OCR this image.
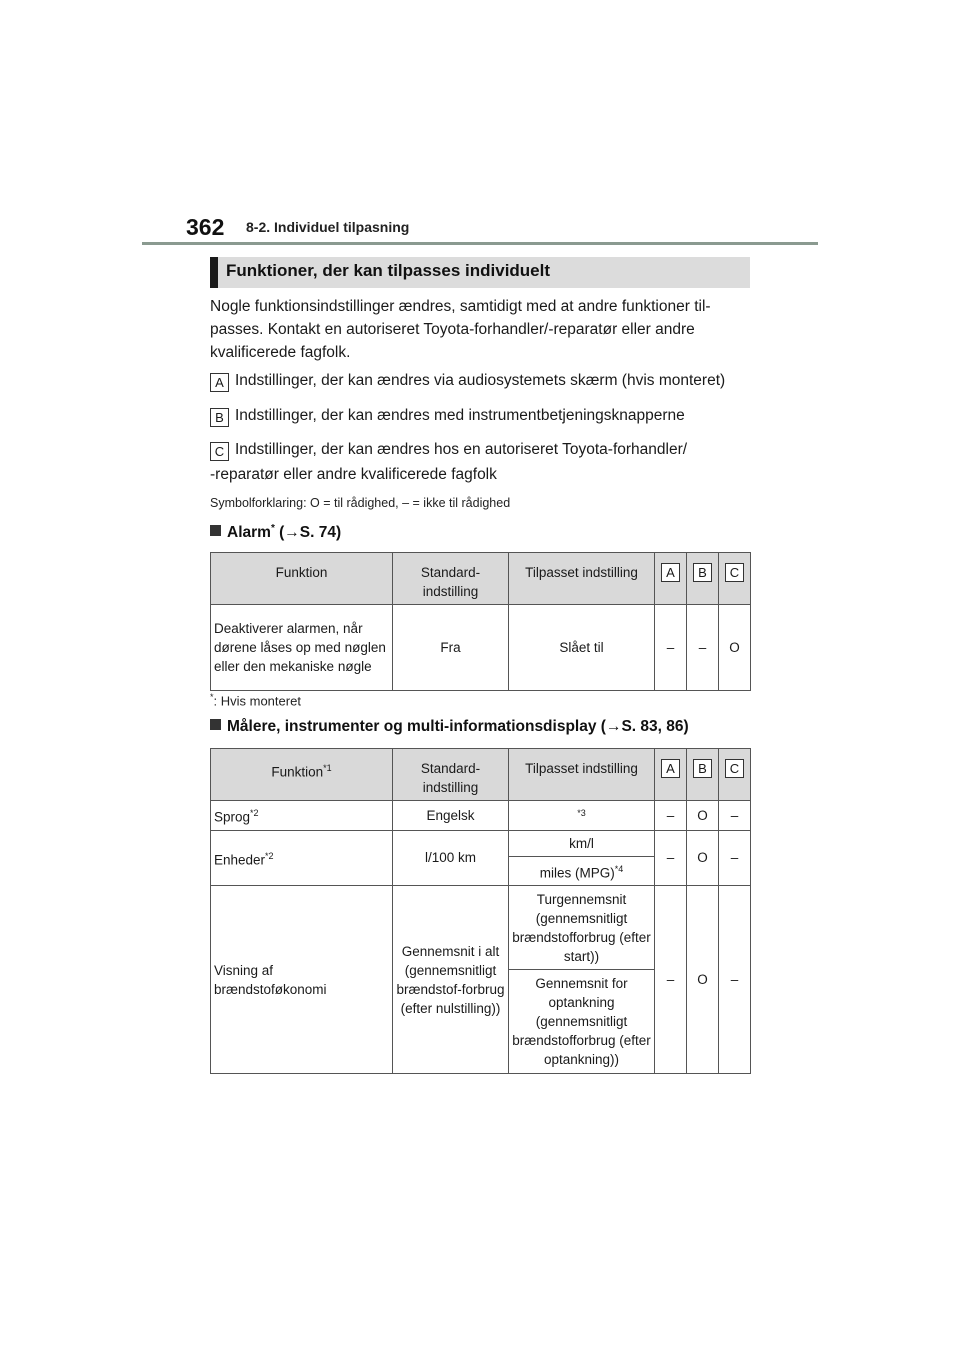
362 8-2. Individuel tilpasning
Funktioner, der kan tilpasses individuelt
Nogle funktionsindstillinger ændres, samtidigt med at andre funktioner til-passes. Kontakt en autoriseret Toyota-forhandler/-reparatør eller andre kvalificerede fagfolk.
A Indstillinger, der kan ændres via audiosystemets skærm (hvis monteret)
B Indstillinger, der kan ændres med instrumentbetjeningsknapperne
C Indstillinger, der kan ændres hos en autoriseret Toyota-forhandler/
-reparatør eller andre kvalificerede fagfolk
Symbolforklaring: O = til rådighed, – = ikke til rådighed
Alarm* (→S. 74)
Funktion	Standard-indstilling	Tilpasset indstilling	A	B	C
Deaktiverer alarmen, når dørene låses op med nøglen eller den mekaniske nøgle	Fra	Slået til	–	–	O
*: Hvis monteret
Målere, instrumenter og multi-informationsdisplay (→S. 83, 86)
Funktion$^{*1}$	Standard-indstilling	Tilpasset indstilling	A	B	C
Sprog$^{*2}$	Engelsk	$^{*3}$	–	O	–
Enheder$^{*2}$	l/100 km	km/l	–	O	–
		miles (MPG)$^{*4}$
Visning af brændstoføkonomi	Gennemsnit i alt (gennemsnitligt brændstof-forbrug (efter nulstilling))	Turgennemsnit (gennemsnitligt brændstofforbrug (efter start))	–	O	–
		Gennemsnit for optankning (gennemsnitligt brændstofforbrug (efter optankning))			
